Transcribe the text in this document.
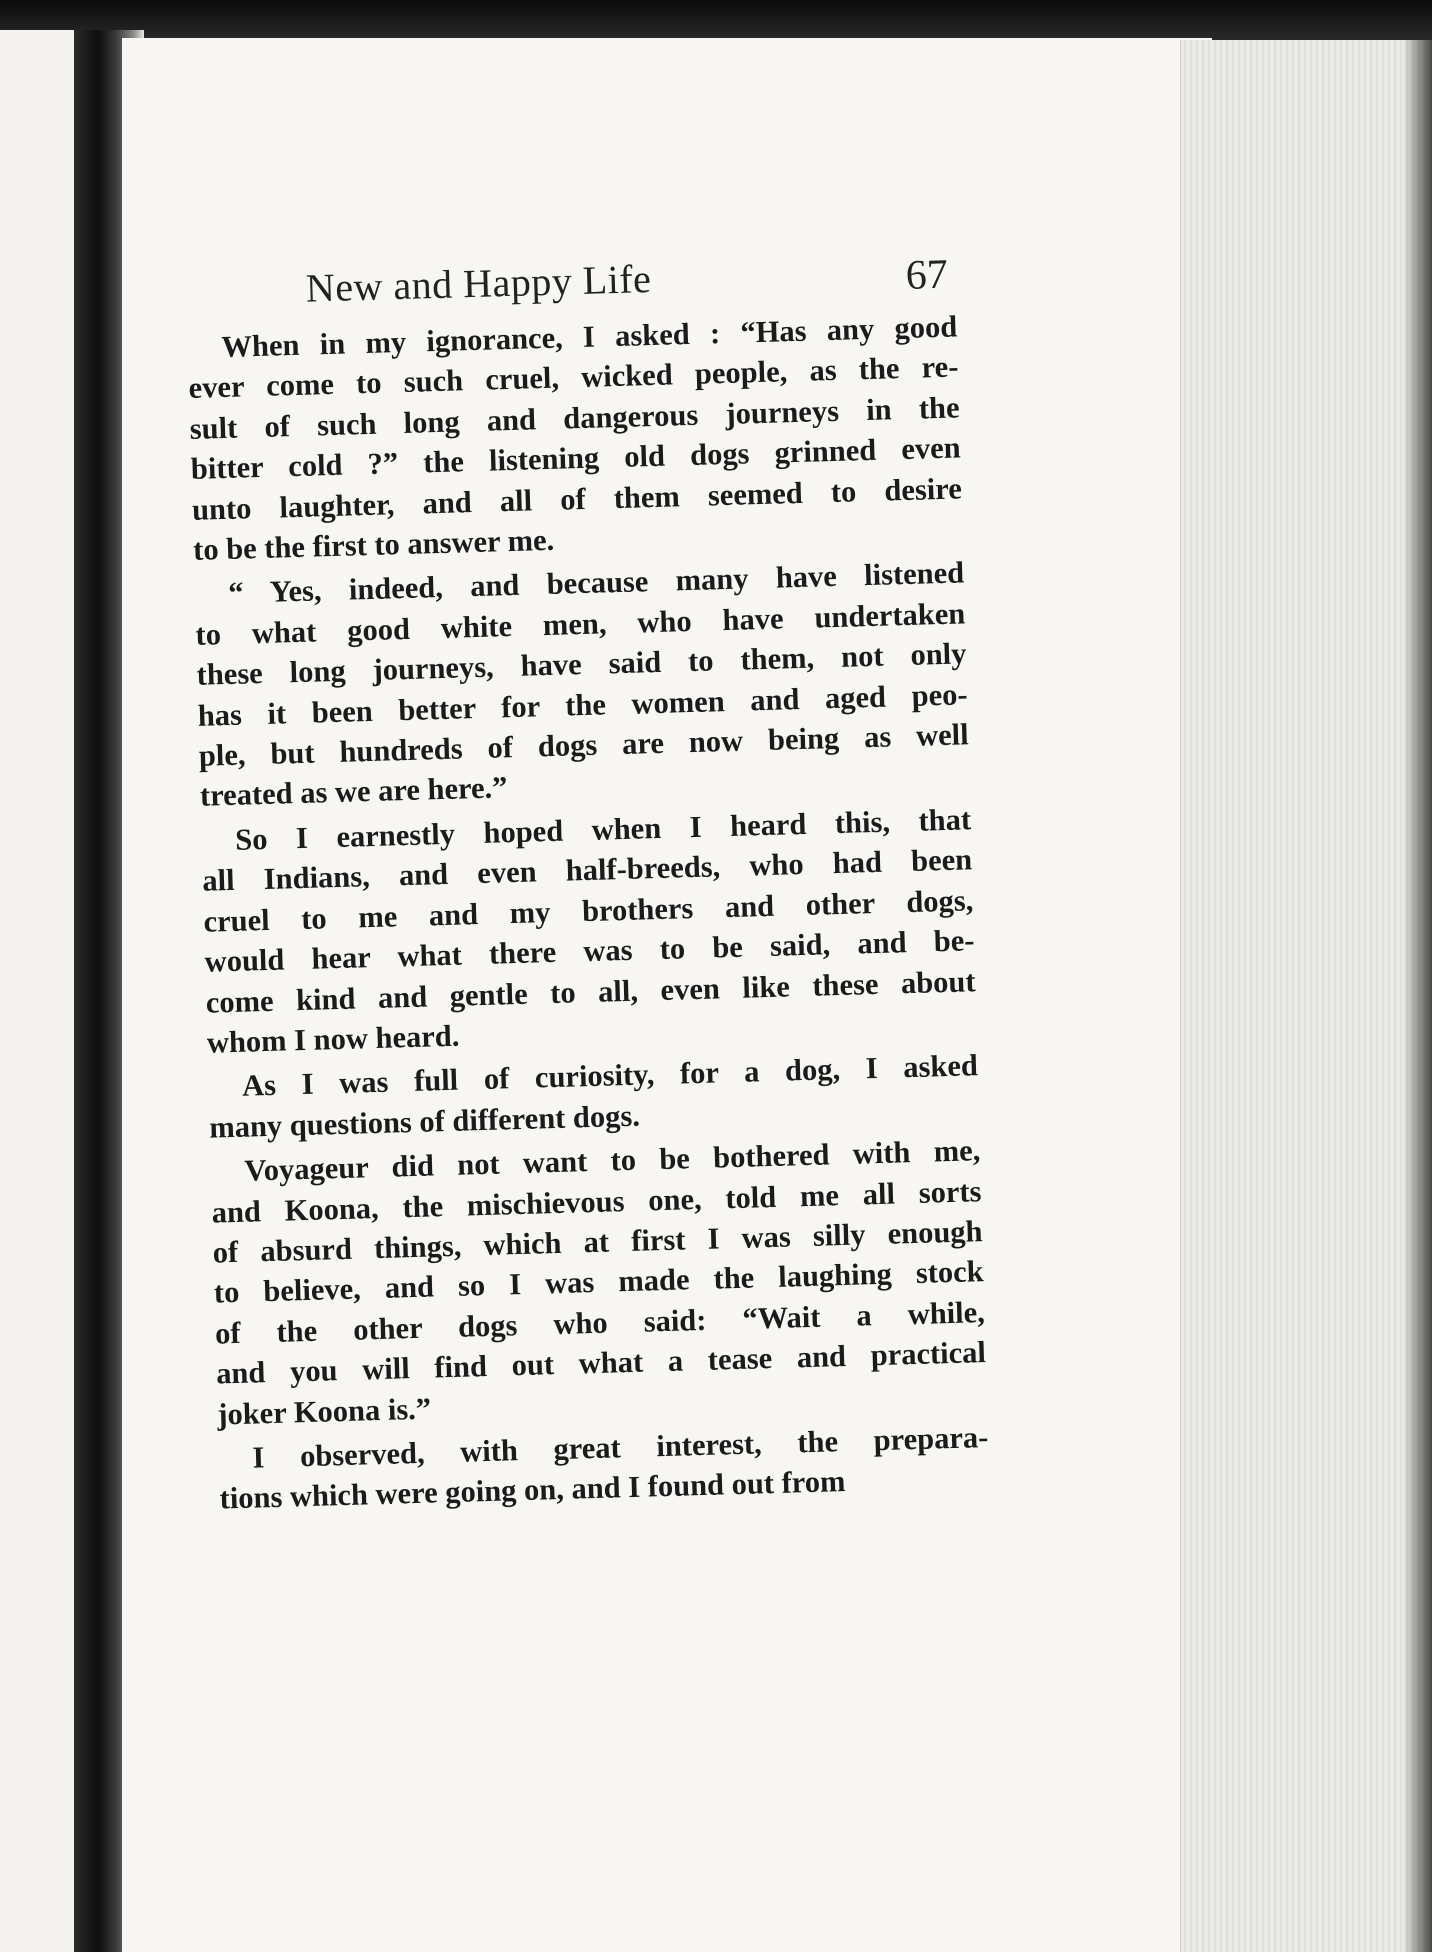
New and Happy Life	67
When in my ignorance, I asked : “Has any good
ever come to such cruel, wicked people, as the re-
sult of such long and dangerous journeys in the
bitter cold ?” the listening old dogs grinned even
unto laughter, and all of them seemed to desire
to be the first to answer me.
“ Yes, indeed, and because many have listened
to what good white men, who have undertaken
these long journeys, have said to them, not only
has it been better for the women and aged peo-
ple, but hundreds of dogs are now being as well
treated as we are here.”
So I earnestly hoped when I heard this, that
all Indians, and even half-breeds, who had been
cruel to me and my brothers and other dogs,
would hear what there was to be said, and be-
come kind and gentle to all, even like these about
whom I now heard.
As I was full of curiosity, for a dog, I asked
many questions of different dogs.
Voyageur did not want to be bothered with me,
and Koona, the mischievous one, told me all sorts
of absurd things, which at first I was silly enough
to believe, and so I was made the laughing stock
of the other dogs who said: “Wait a while,
and you will find out what a tease and practical
joker Koona is.”
I observed, with great interest, the prepara-
tions which were going on, and I found out from
